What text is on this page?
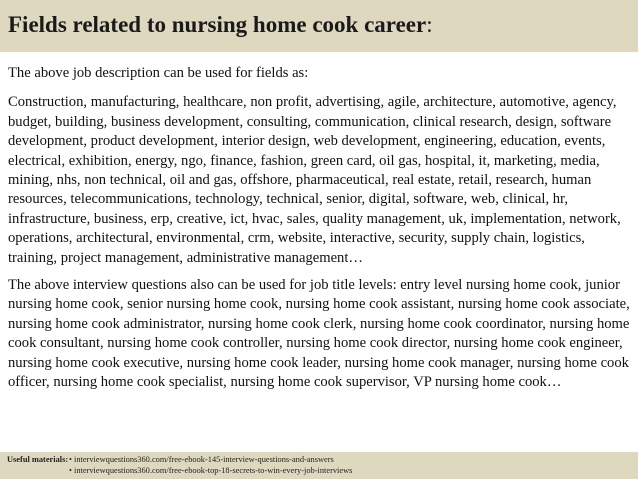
Fields related to nursing home cook career:

The above job description can be used for fields as:

Construction, manufacturing, healthcare, non profit, advertising, agile, architecture, automotive, agency, budget, building, business development, consulting, communication, clinical research, design, software development, product development, interior design, web development, engineering, education, events, electrical, exhibition, energy, ngo, finance, fashion, green card, oil gas, hospital, it, marketing, media, mining, nhs, non technical, oil and gas, offshore, pharmaceutical, real estate, retail, research, human resources, telecommunications, technology, technical, senior, digital, software, web, clinical, hr, infrastructure, business, erp, creative, ict, hvac, sales, quality management, uk, implementation, network, operations, architectural, environmental, crm, website, interactive, security, supply chain, logistics, training, project management, administrative management…

The above interview questions also can be used for job title levels: entry level nursing home cook, junior nursing home cook, senior nursing home cook, nursing home cook assistant, nursing home cook associate, nursing home cook administrator, nursing home cook clerk, nursing home cook coordinator, nursing home cook consultant, nursing home cook controller, nursing home cook director, nursing home cook engineer, nursing home cook executive, nursing home cook leader, nursing home cook manager, nursing home cook officer, nursing home cook specialist, nursing home cook supervisor, VP nursing home cook…

Useful materials:• interviewquestions360.com/free-ebook-145-interview-questions-and-answers
• interviewquestions360.com/free-ebook-top-18-secrets-to-win-every-job-interviews
